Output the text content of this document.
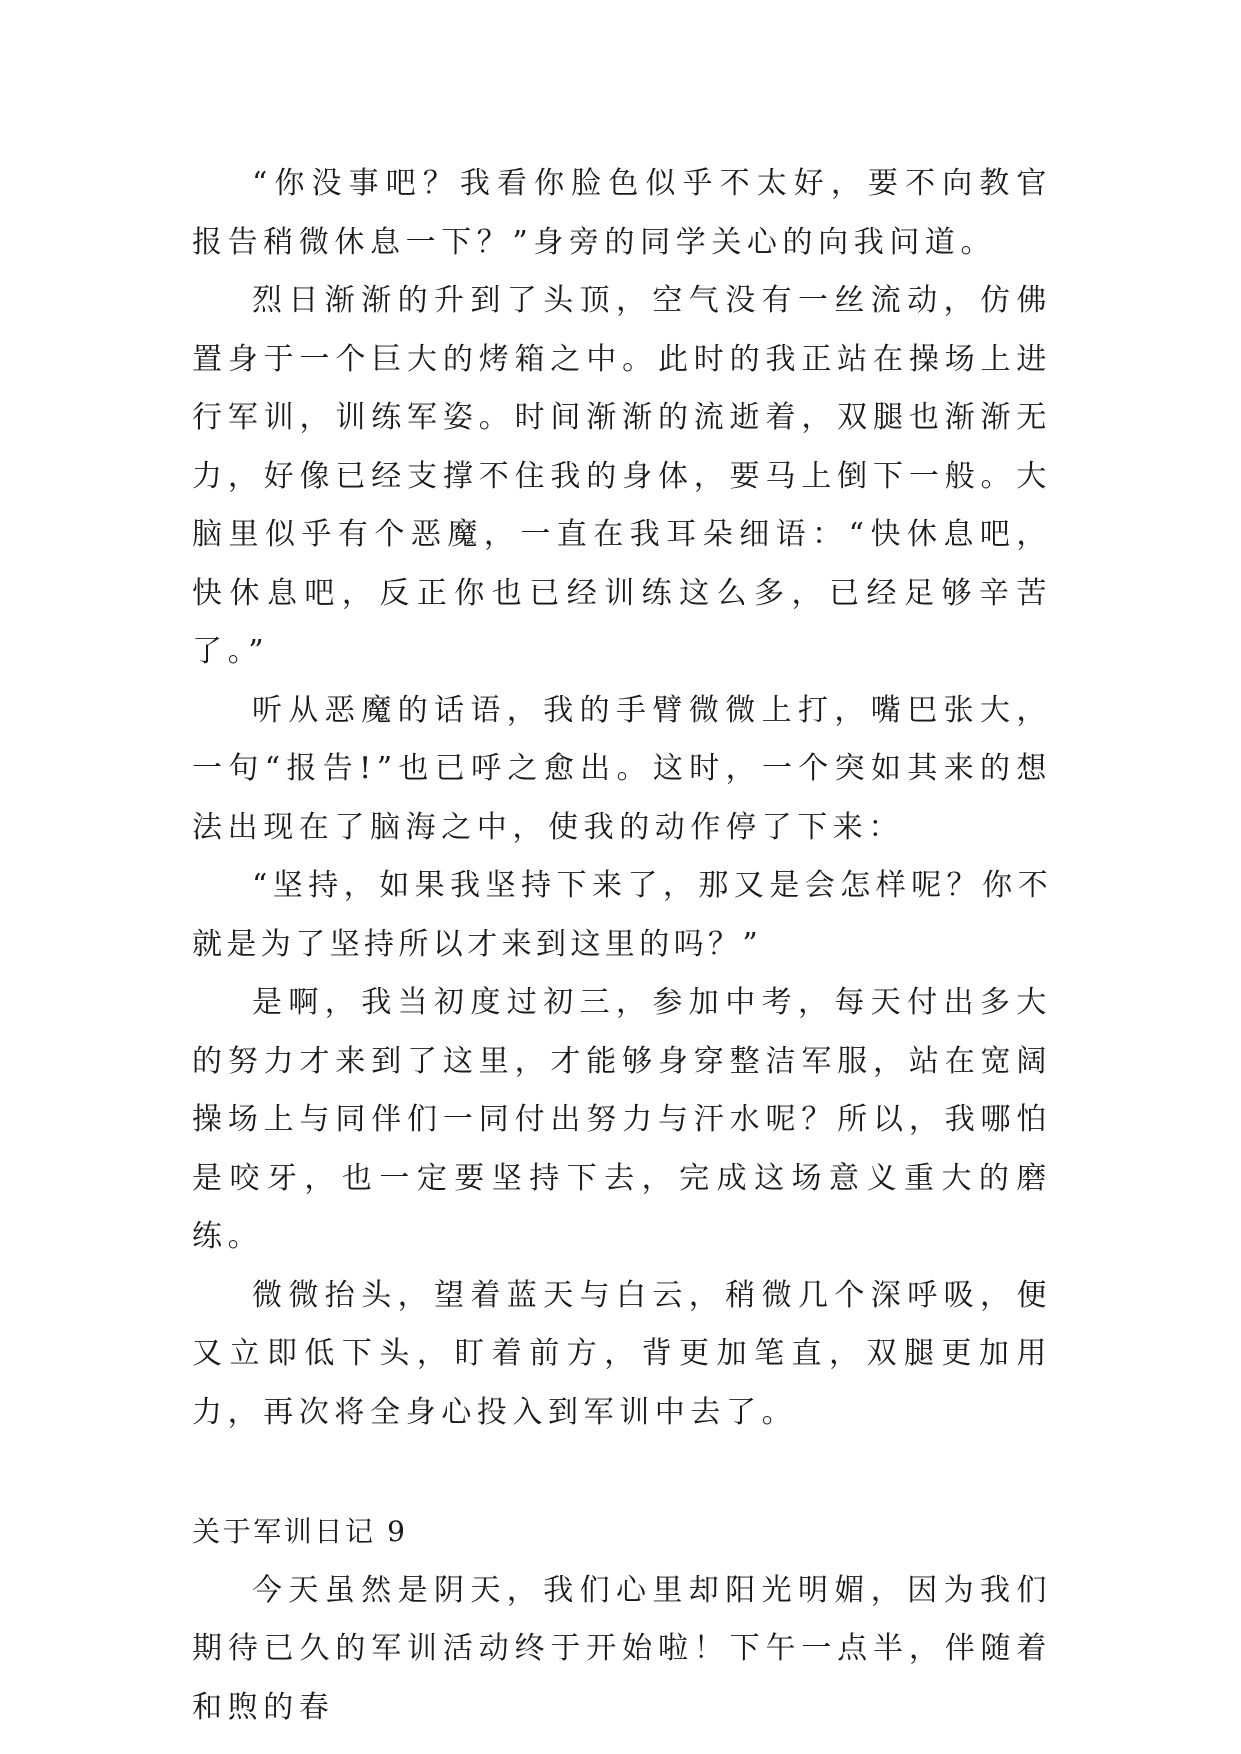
“你没事吧？我看你脸色似乎不太好，要不向教官报告稍微休息一下？”身旁的同学关心的向我问道。

烈日渐渐的升到了头顶，空气没有一丝流动，仿佛置身于一个巨大的烤箱之中。此时的我正站在操场上进行军训，训练军姿。时间渐渐的流逝着，双腿也渐渐无力，好像已经支撑不住我的身体，要马上倒下一般。大脑里似乎有个恶魔，一直在我耳朵细语：“快休息吧，快休息吧，反正你也已经训练这么多，已经足够辛苦了。”

听从恶魔的话语，我的手臂微微上打，嘴巴张大，一句“报告!”也已呼之愈出。这时，一个突如其来的想法出现在了脑海之中，使我的动作停了下来：

“坚持，如果我坚持下来了，那又是会怎样呢？你不就是为了坚持所以才来到这里的吗？”

是啊，我当初度过初三，参加中考，每天付出多大的努力才来到了这里，才能够身穿整洁军服，站在宽阔操场上与同伴们一同付出努力与汗水呢？所以，我哪怕是咬牙，也一定要坚持下去，完成这场意义重大的磨练。

微微抬头，望着蓝天与白云，稍微几个深呼吸，便又立即低下头，盯着前方，背更加笔直，双腿更加用力，再次将全身心投入到军训中去了。

关于军训日记 9

今天虽然是阴天，我们心里却阳光明媚，因为我们期待已久的军训活动终于开始啦！下午一点半，伴随着和煦的春
